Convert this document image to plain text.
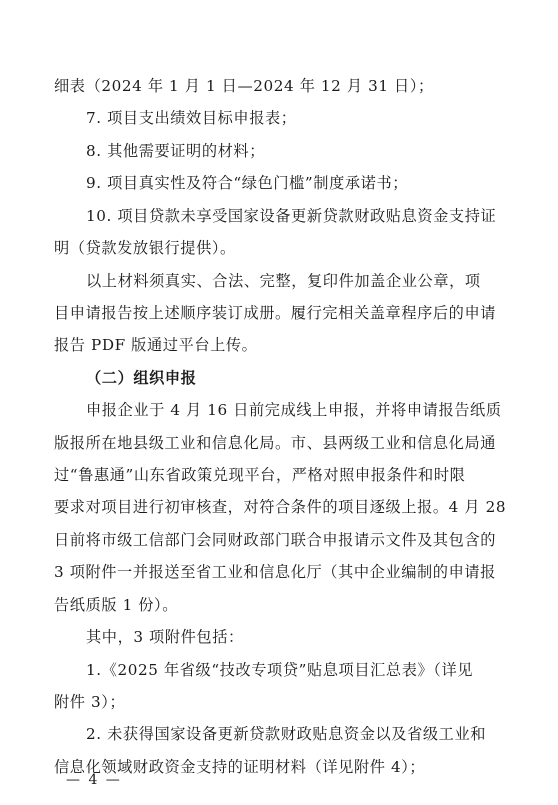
细表（2024 年 1 月 1 日—2024 年 12 月 31 日）；
7. 项目支出绩效目标申报表；
8. 其他需要证明的材料；
9. 项目真实性及符合“绿色门槛”制度承诺书；
10. 项目贷款未享受国家设备更新贷款财政贴息资金支持证
明（贷款发放银行提供）。
以上材料须真实、合法、完整，复印件加盖企业公章，项
目申请报告按上述顺序装订成册。履行完相关盖章程序后的申请
报告 PDF 版通过平台上传。
（二）组织申报
申报企业于 4 月 16 日前完成线上申报，并将申请报告纸质
版报所在地县级工业和信息化局。市、县两级工业和信息化局通
过“鲁惠通”山东省政策兑现平台，严格对照申报条件和时限
要求对项目进行初审核查，对符合条件的项目逐级上报。4 月 28
日前将市级工信部门会同财政部门联合申报请示文件及其包含的
3 项附件一并报送至省工业和信息化厅（其中企业编制的申请报
告纸质版 1 份）。
其中，3 项附件包括：
1.《2025 年省级“技改专项贷”贴息项目汇总表》（详见
附件 3）；
2. 未获得国家设备更新贷款财政贴息资金以及省级工业和
信息化领域财政资金支持的证明材料（详见附件 4）；
— 4 —
